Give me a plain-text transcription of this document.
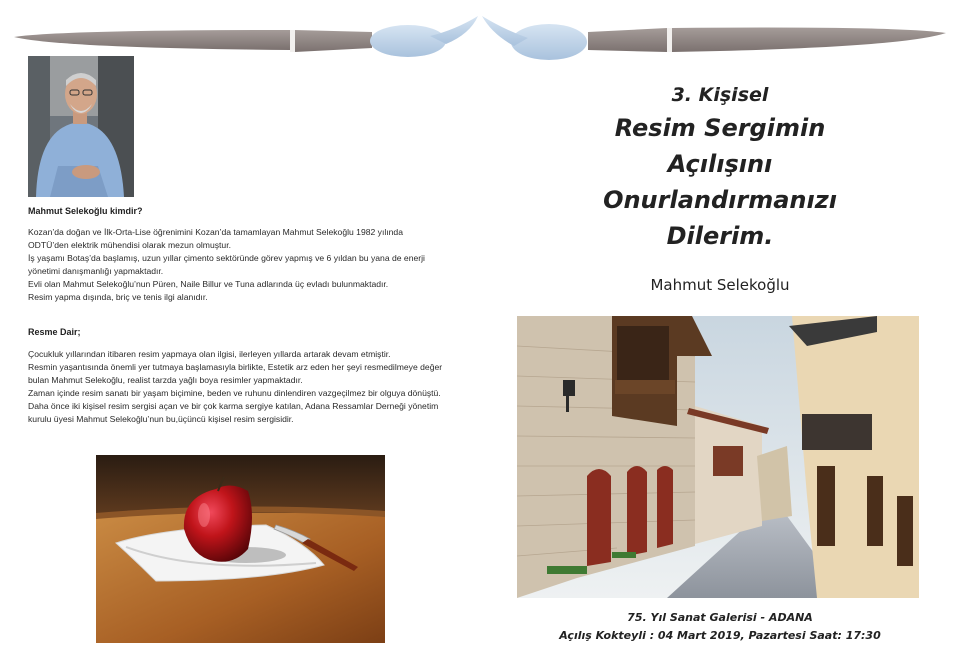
Mahmut Selekoğlu kimdir?

Kozan’da doğan ve İlk-Orta-Lise öğrenimini Kozan’da tamamlayan Mahmut Selekoğlu 1982 yılında ODTÜ’den elektrik mühendisi olarak mezun olmuştur.

İş yaşamı Botaş’da başlamış, uzun yıllar çimento sektöründe görev yapmış ve 6 yıldan bu yana de enerji yönetimi danışmanlığı yapmaktadır.

Evli olan Mahmut Selekoğlu’nun Püren, Naile Billur ve Tuna adlarında üç evladı bulunmaktadır.

Resim yapma dışında, briç ve tenis ilgi alanıdır.

Resme Dair;

Çocukluk yıllarından itibaren resim yapmaya olan ilgisi, ilerleyen yıllarda artarak devam etmiştir.

Resmin yaşantısında önemli yer tutmaya başlamasıyla birlikte, Estetik arz eden her şeyi resmedilmeye değer bulan Mahmut Selekoğlu, realist tarzda yağlı boya resimler yapmaktadır.

Zaman içinde resim sanatı bir yaşam biçimine, beden ve ruhunu dinlendiren vazgeçilmez bir olguya dönüştü.

Daha önce iki kişisel resim sergisi açan ve bir çok karma sergiye katılan, Adana Ressamlar Derneği yönetim kurulu üyesi Mahmut Selekoğlu’nun bu,üçüncü kişisel resim sergisidir.

3. Kişisel
Resim Sergimin
Açılışını
Onurlandırmanızı
Dilerim.
Mahmut Selekoğlu
75. Yıl Sanat Galerisi - ADANA
Açılış Kokteyli : 04 Mart 2019, Pazartesi Saat: 17:30
